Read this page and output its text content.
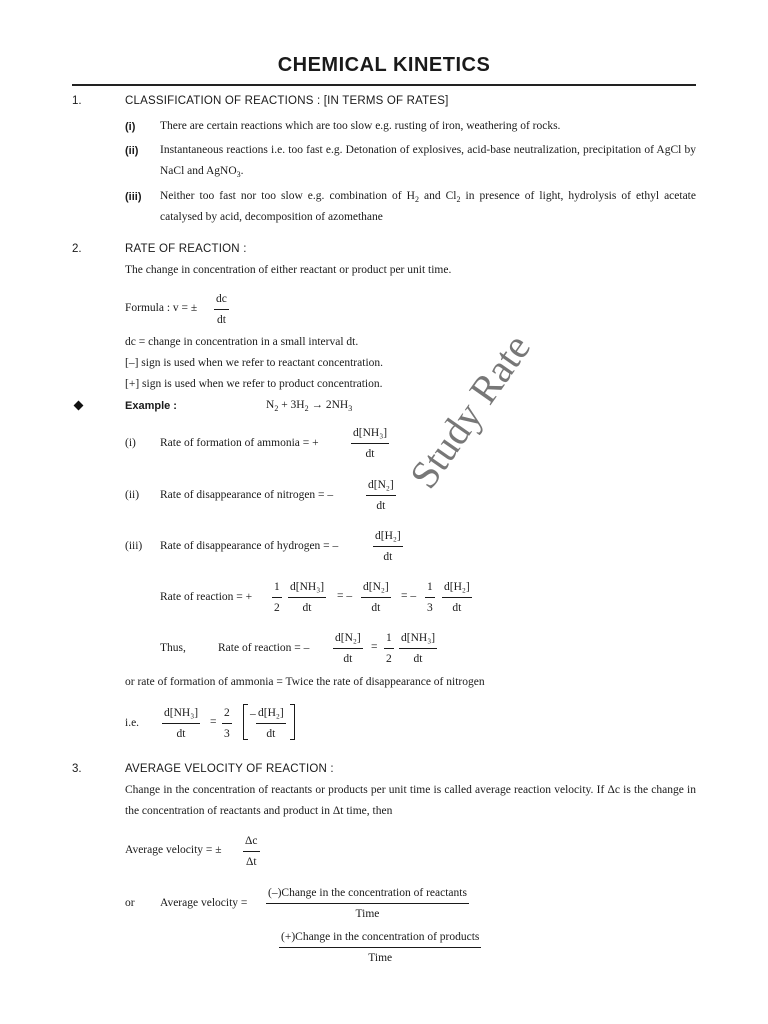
CHEMICAL KINETICS
Study Rate
1.	CLASSIFICATION OF REACTIONS : [IN TERMS OF RATES]
(i) There are certain reactions which are too slow e.g. rusting of iron, weathering of rocks.
(ii) Instantaneous reactions i.e. too fast e.g. Detonation of explosives, acid-base neutralization, precipitation of AgCl by NaCl and AgNO$_3$.
(iii) Neither too fast nor too slow e.g. combination of $H_2$ and $Cl_2$ in presence of light, hydrolysis of ethyl acetate catalysed by acid, decomposition of azomethane
2.	RATE OF REACTION :
The change in concentration of either reactant or product per unit time.
Formula : v = ± $\frac{dc}{dt}$
dc = change in concentration in a small interval dt.
[–] sign is used when we refer to reactant concentration.
[+] sign is used when we refer to product concentration.
Example :	$N_2 + 3H_2 \to 2NH_3$
(i) Rate of formation of ammonia = +	$\frac{\text{d[NH₃]}}{dt}$
(ii) Rate of disappearance of nitrogen = –	$\frac{\text{d[N₂]}}{dt}$
(iii) Rate of disappearance of hydrogen = –	$\frac{\text{d[H₂]}}{dt}$
Rate of reaction = + $\frac{1}{2} \frac{\text{d[NH₃]}}{dt}$ = – $\frac{\text{d[N₂]}}{dt}$ = – $\frac{1}{3} \frac{\text{d[H₂]}}{dt}$
Thus,	Rate of reaction = – $\frac{\text{d[N₂]}}{dt} = \frac{1}{2} \frac{\text{d[NH₃]}}{dt}$
or rate of formation of ammonia = Twice the rate of disappearance of nitrogen
i.e. $\frac{\text{d[NH₃]}}{dt} = \frac{2}{3} - \frac{\text{d[H₂]}}{dt}$
3.	AVERAGE VELOCITY OF REACTION :
Change in the concentration of reactants or products per unit time is called average reaction velocity. If Δc is the change in the concentration of reactants and product in Δt time, then
Average velocity = ± $\frac{\Delta c}{\Delta t}$
or Average velocity =
(–)Change in the concentration of reactants
Time
(+)Change in the concentration of products
Time
